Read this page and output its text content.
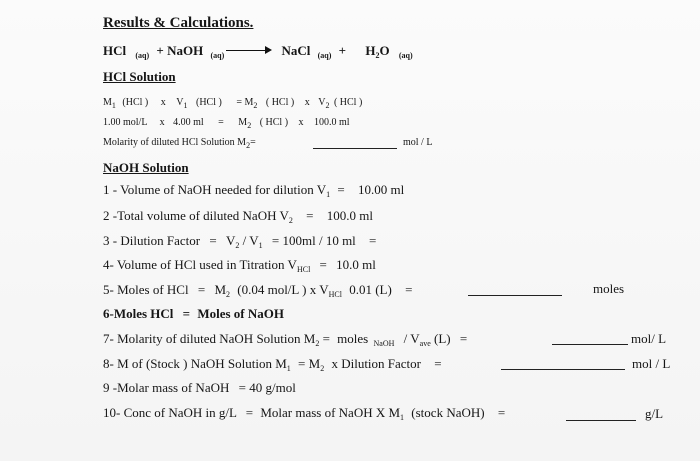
Results & Calculations.
HCl $_{(aq)}$ + NaOH $_{(aq)}$ → NaCl $_{(aq)} + H_2O$ $_{(aq)}$
HCl Solution
$M_1$ (HCl ) x $V_1$ (HCl ) = $M_2$ ( HCl ) x $V_2$ ( HCl )
1.00 mol/L x 4.00 ml = $M_2$ ( HCl ) x 100.0 ml
Molarity of diluted HCl Solution $M_2=$	mol / L
NaOH Solution
1 - Volume of NaOH needed for dilution $V_1 = 10.00$ ml
2 -Total volume of diluted NaOH $V_2 = 100.0$ ml
3 - Dilution Factor = $V_2 / V_1 = 100ml / 10$ ml =
4- Volume of HCl used in Titration $V_{HCl} = 10.0$ ml
5- Moles of HCl = $M_2$ (0.04 mol/L ) x $V_{HCl}$ 0.01 (L) =	moles
6-Moles HCl = Moles of NaOH
7- Molarity of diluted NaOH Solution $M_2$ = moles $_{NaOH} / V_{ave}$ (L) =	mol/ L
8- M of (Stock ) NaOH Solution $M_1 = M_2$ x Dilution Factor =	mol / L
9 -Molar mass of NaOH = 40 g/mol
10- Conc of NaOH in g/L = Molar mass of NaOH X $M_1$ (stock NaOH) =	g/L
